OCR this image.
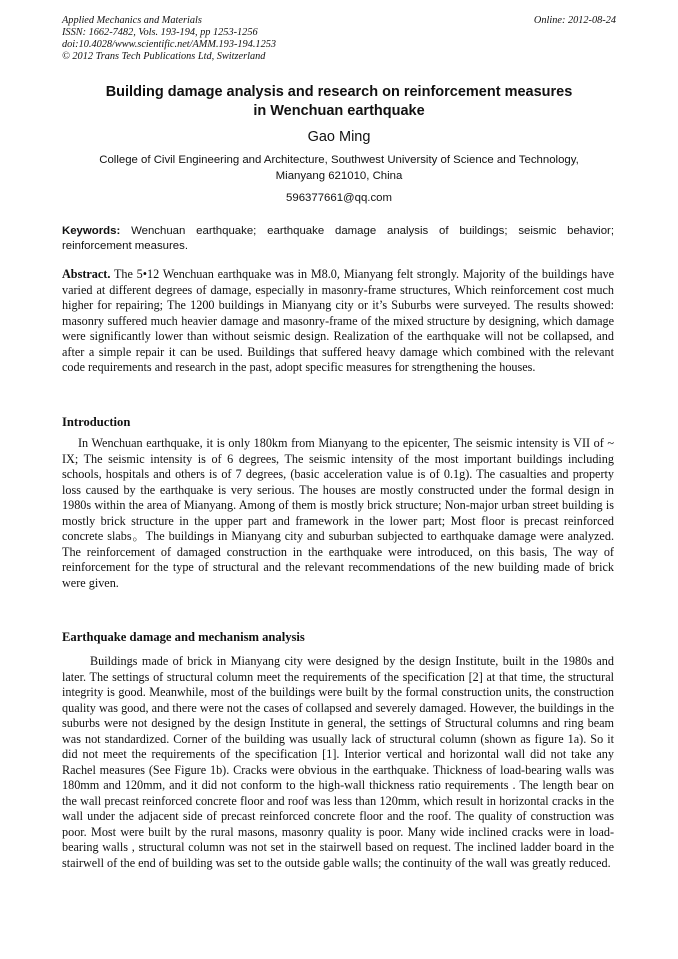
Applied Mechanics and Materials
ISSN: 1662-7482, Vols. 193-194, pp 1253-1256
doi:10.4028/www.scientific.net/AMM.193-194.1253
© 2012 Trans Tech Publications Ltd, Switzerland
Online: 2012-08-24
Building damage analysis and research on reinforcement measures
in Wenchuan earthquake
Gao Ming
College of Civil Engineering and Architecture, Southwest University of Science and Technology,
Mianyang 621010, China
596377661@qq.com
Keywords: Wenchuan earthquake; earthquake damage analysis of buildings; seismic behavior; reinforcement measures.
Abstract. The 5•12 Wenchuan earthquake was in M8.0, Mianyang felt strongly. Majority of the buildings have varied at different degrees of damage, especially in masonry-frame structures, Which reinforcement cost much higher for repairing; The 1200 buildings in Mianyang city or it’s Suburbs were surveyed. The results showed: masonry suffered much heavier damage and masonry-frame of the mixed structure by designing, which damage were significantly lower than without seismic design. Realization of the earthquake will not be collapsed, and after a simple repair it can be used. Buildings that suffered heavy damage which combined with the relevant code requirements and research in the past, adopt specific measures for strengthening the houses.
Introduction
In Wenchuan earthquake, it is only 180km from Mianyang to the epicenter, The seismic intensity is VII of ~ IX; The seismic intensity is of 6 degrees, The seismic intensity of the most important buildings including schools, hospitals and others is of 7 degrees, (basic acceleration value is of 0.1g). The casualties and property loss caused by the earthquake is very serious. The houses are mostly constructed under the formal design in 1980s within the area of Mianyang. Among of them is mostly brick structure; Non-major urban street building is mostly brick structure in the upper part and framework in the lower part; Most floor is precast reinforced concrete slabs。The buildings in Mianyang city and suburban subjected to earthquake damage were analyzed. The reinforcement of damaged construction in the earthquake were introduced, on this basis, The way of reinforcement for the type of structural and the relevant recommendations of the new building made of brick were given.
Earthquake damage and mechanism analysis
Buildings made of brick in Mianyang city were designed by the design Institute, built in the 1980s and later. The settings of structural column meet the requirements of the specification [2] at that time, the structural integrity is good. Meanwhile, most of the buildings were built by the formal construction units, the construction quality was good, and there were not the cases of collapsed and severely damaged. However, the buildings in the suburbs were not designed by the design Institute in general, the settings of Structural columns and ring beam was not standardized. Corner of the building was usually lack of structural column (shown as figure 1a). So it did not meet the requirements of the specification [1]. Interior vertical and horizontal wall did not take any Rachel measures (See Figure 1b). Cracks were obvious in the earthquake. Thickness of load-bearing walls was 180mm and 120mm, and it did not conform to the high-wall thickness ratio requirements . The length bear on the wall precast reinforced concrete floor and roof was less than 120mm, which result in horizontal cracks in the wall under the adjacent side of precast reinforced concrete floor and the roof. The quality of construction was poor. Most were built by the rural masons, masonry quality is poor. Many wide inclined cracks were in load-bearing walls , structural column was not set in the stairwell based on request. The inclined ladder board in the stairwell of the end of building was set to the outside gable walls; the continuity of the wall was greatly reduced.
